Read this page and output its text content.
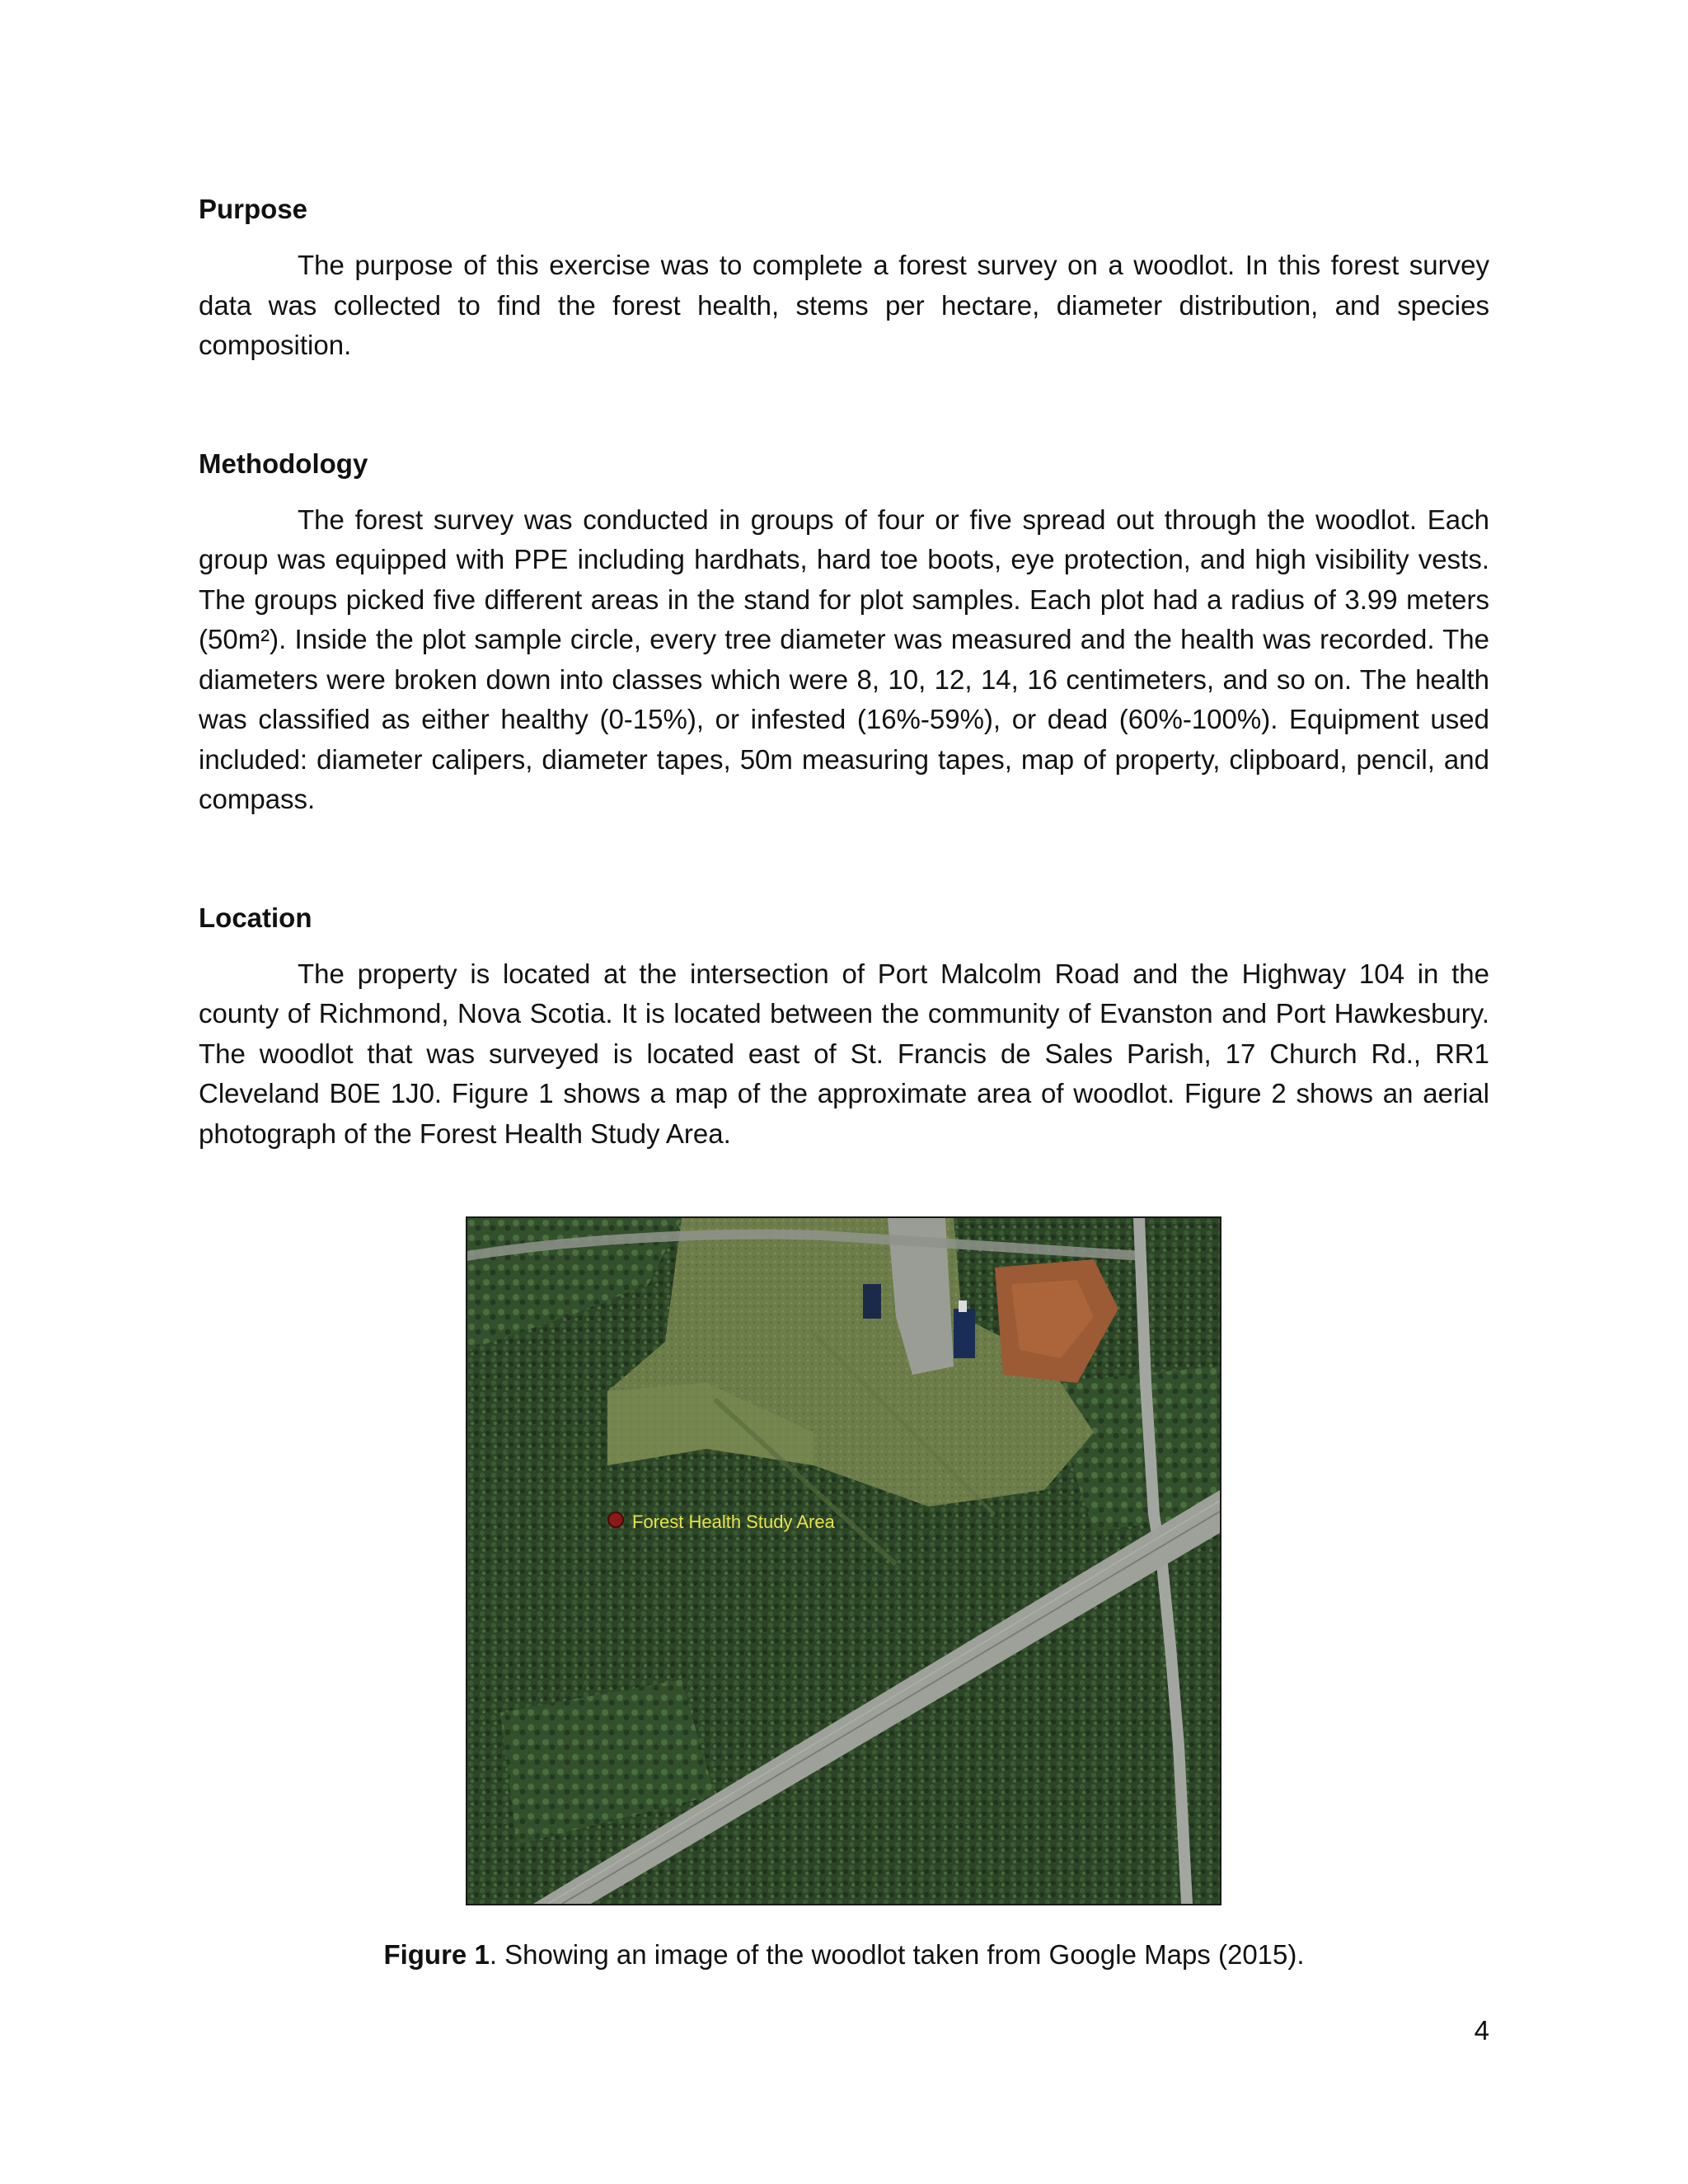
Purpose

The purpose of this exercise was to complete a forest survey on a woodlot. In this forest survey data was collected to find the forest health, stems per hectare, diameter distribution, and species composition.

Methodology

The forest survey was conducted in groups of four or five spread out through the woodlot. Each group was equipped with PPE including hardhats, hard toe boots, eye protection, and high visibility vests. The groups picked five different areas in the stand for plot samples. Each plot had a radius of 3.99 meters (50m²). Inside the plot sample circle, every tree diameter was measured and the health was recorded. The diameters were broken down into classes which were 8, 10, 12, 14, 16 centimeters, and so on. The health was classified as either healthy (0-15%), or infested (16%-59%), or dead (60%-100%). Equipment used included: diameter calipers, diameter tapes, 50m measuring tapes, map of property, clipboard, pencil, and compass.

Location

The property is located at the intersection of Port Malcolm Road and the Highway 104 in the county of Richmond, Nova Scotia. It is located between the community of Evanston and Port Hawkesbury. The woodlot that was surveyed is located east of St. Francis de Sales Parish, 17 Church Rd., RR1 Cleveland B0E 1J0. Figure 1 shows a map of the approximate area of woodlot. Figure 2 shows an aerial photograph of the Forest Health Study Area.

Forest Health Study Area
Figure 1. Showing an image of the woodlot taken from Google Maps (2015).
4
